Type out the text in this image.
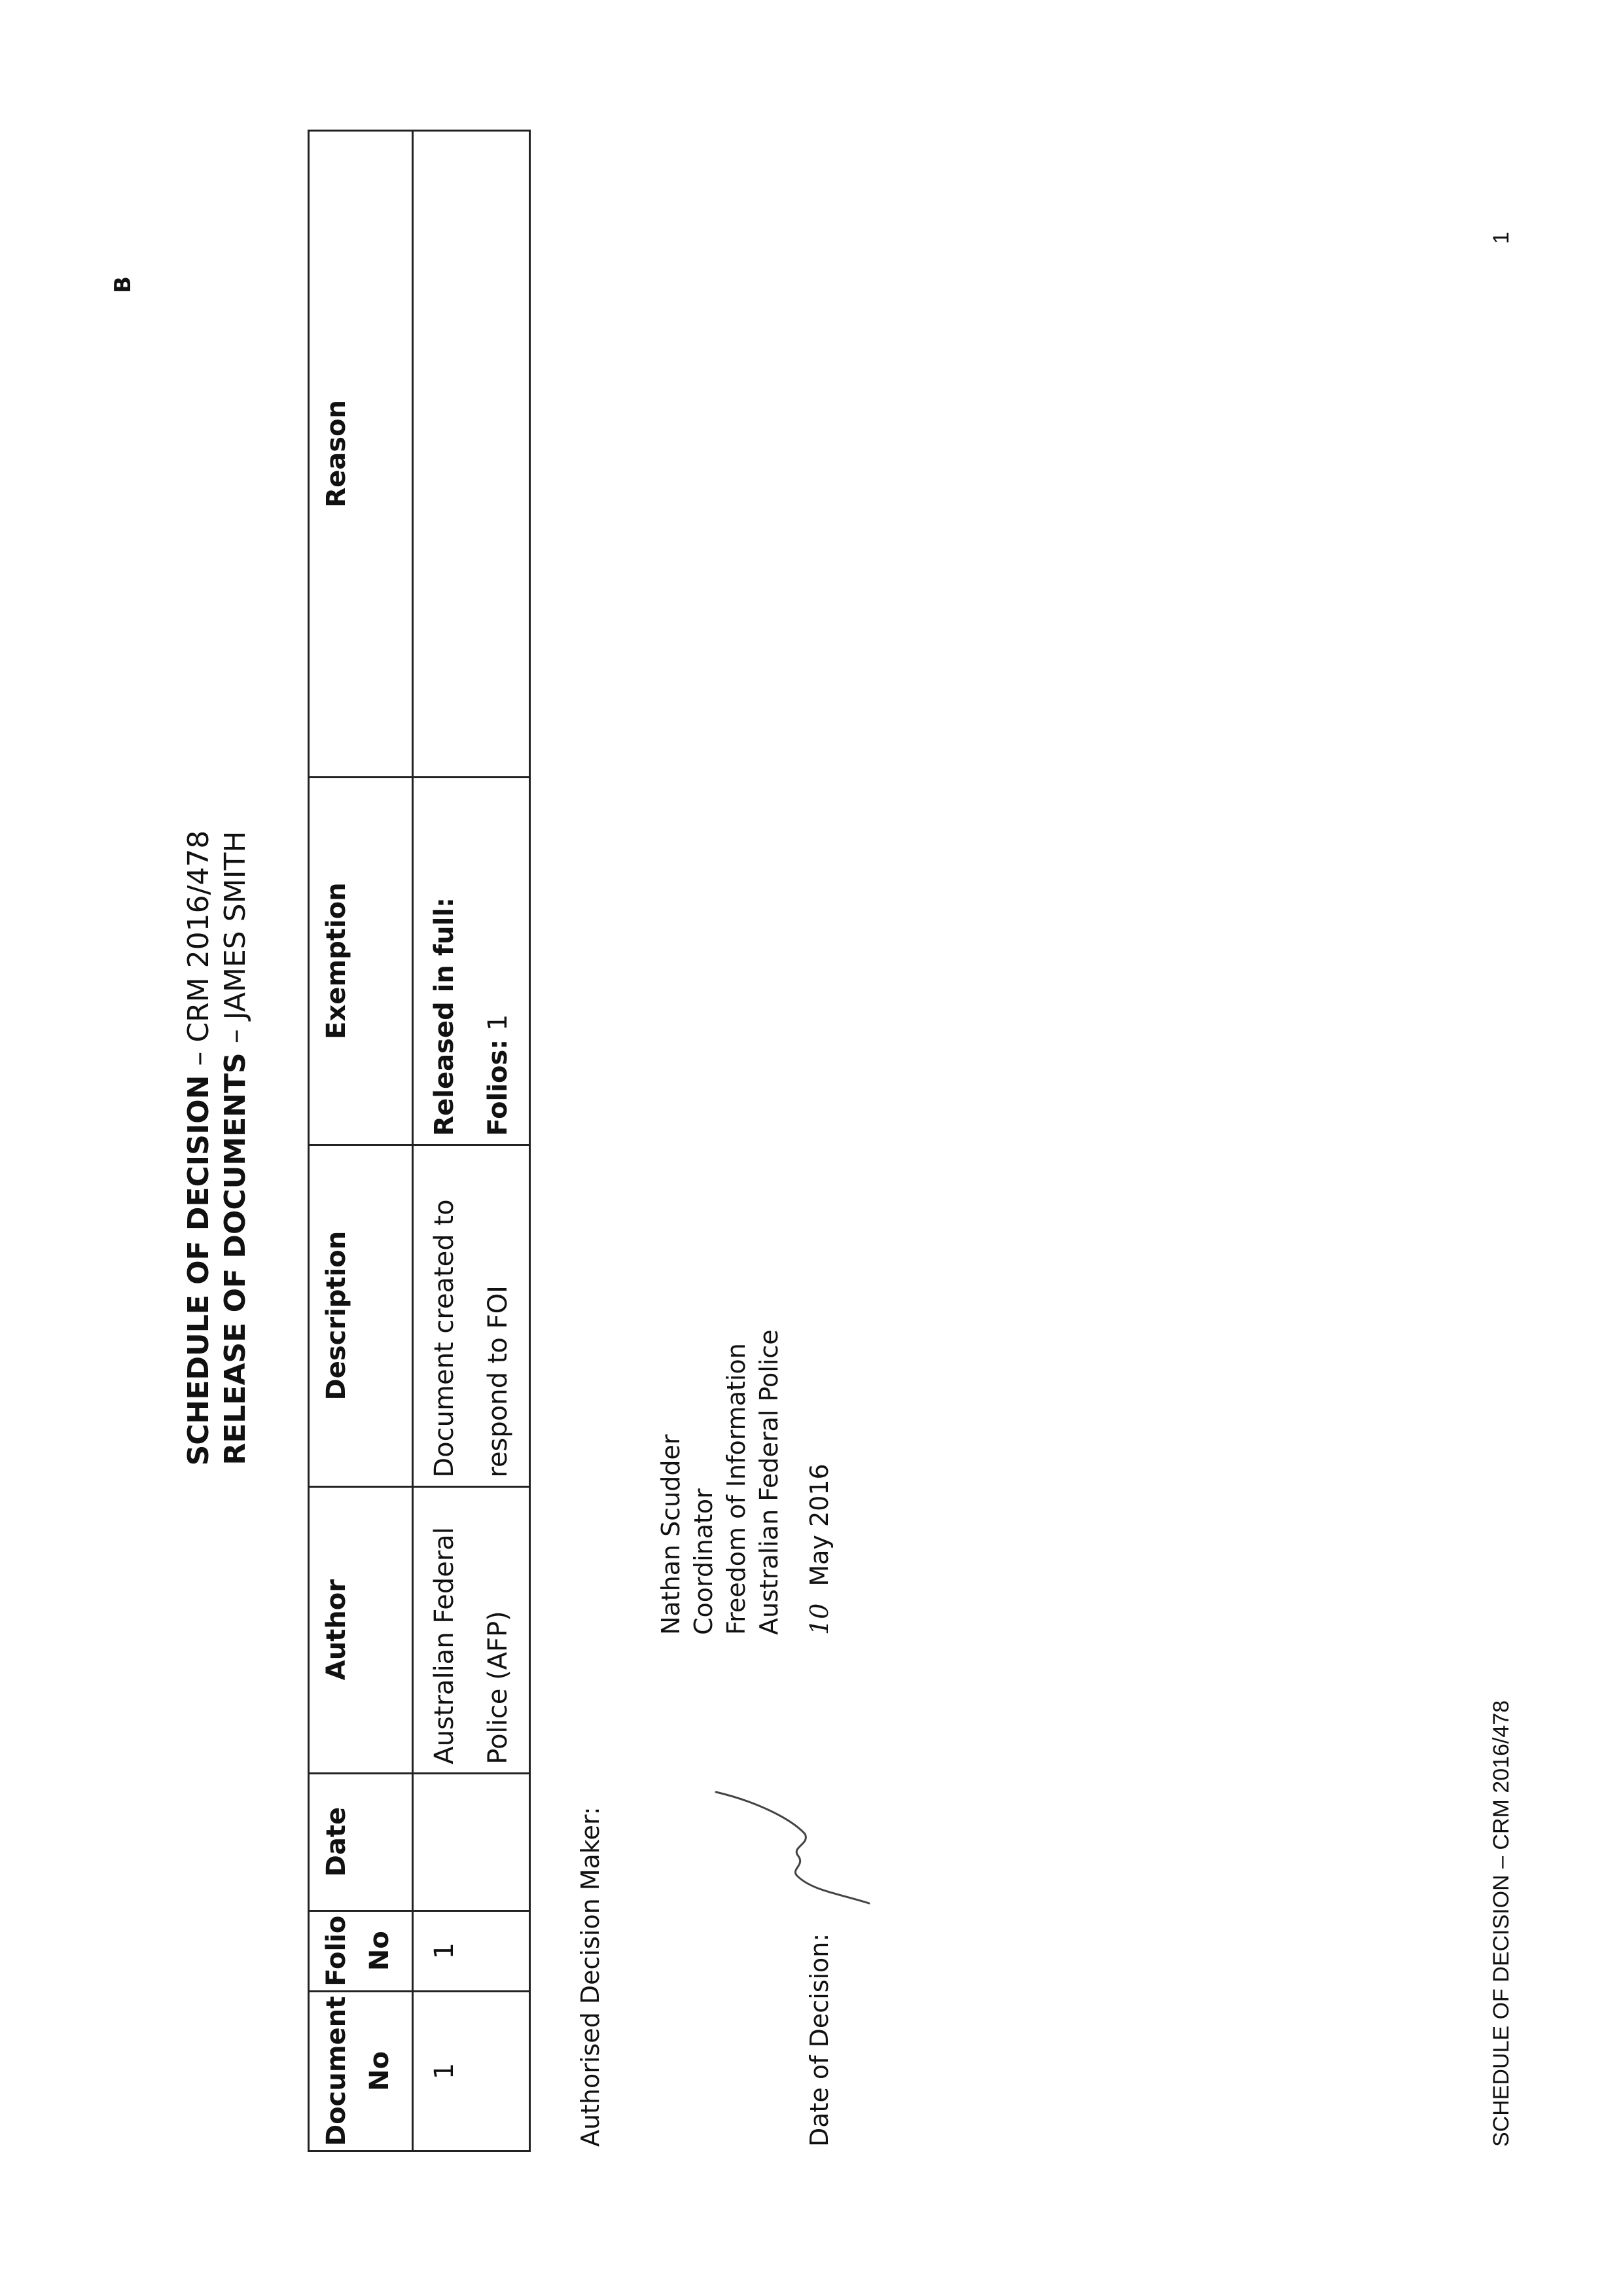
B
SCHEDULE OF DECISION – CRM 2016/478
RELEASE OF DOCUMENTS – JAMES SMITH
Document No	Folio No	Date	Author	Description	Exemption	Reason
1	1		Australian Federal Police (AFP)	Document created to respond to FOI	Released in full: Folios: 1	

Authorised Decision Maker:
Nathan Scudder Coordinator Freedom of Information Australian Federal Police
Date of Decision:
10May 2016
SCHEDULE OF DECISION – CRM 2016/478
1
